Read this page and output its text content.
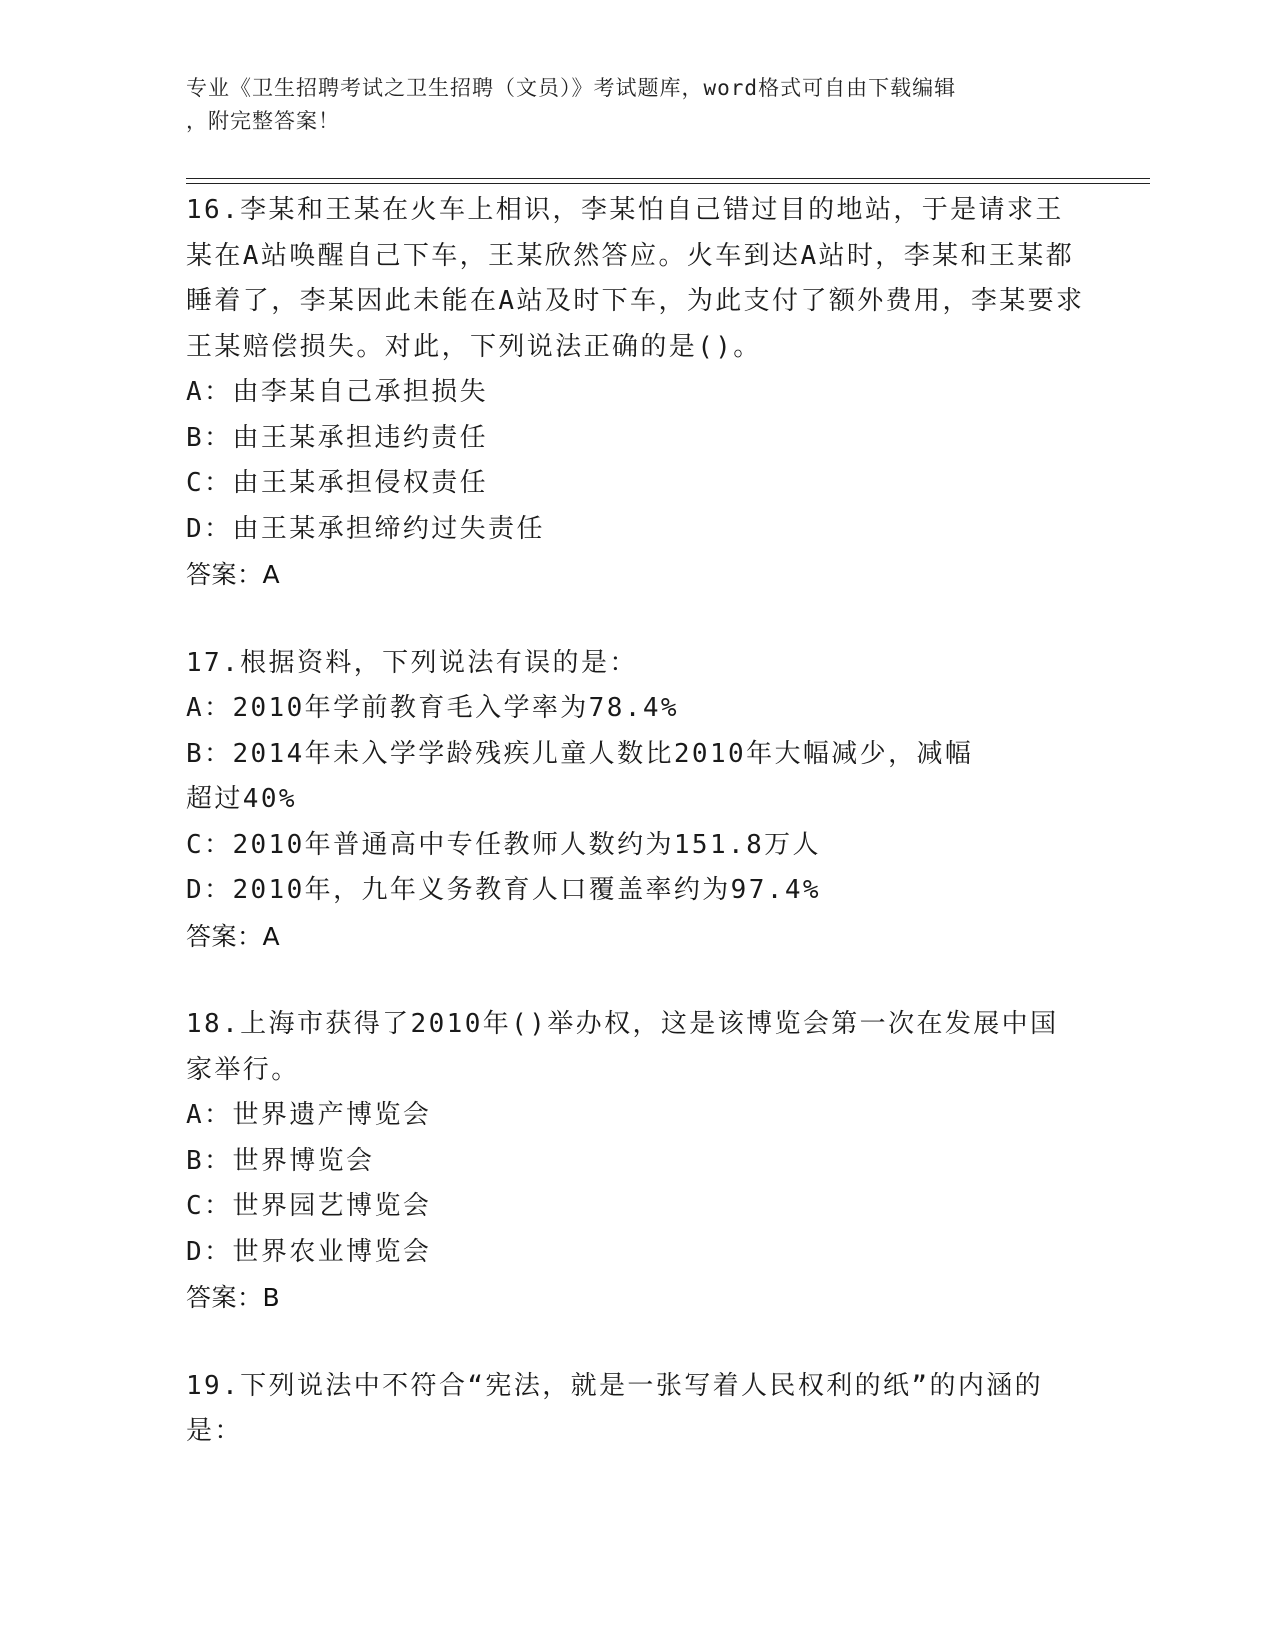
专业《卫生招聘考试之卫生招聘（文员）》考试题库，word格式可自由下载编辑
，附完整答案！

16.李某和王某在火车上相识，李某怕自己错过目的地站，于是请求王某在A站唤醒自己下车，王某欣然答应。火车到达A站时，李某和王某都睡着了，李某因此未能在A站及时下车，为此支付了额外费用，李某要求王某赔偿损失。对此，下列说法正确的是()。

A：由李某自己承担损失

B：由王某承担违约责任

C：由王某承担侵权责任

D：由王某承担缔约过失责任

答案：A

17.根据资料，下列说法有误的是：

A：2010年学前教育毛入学率为78.4%

B：2014年未入学学龄残疾儿童人数比2010年大幅减少，减幅超过40%

C：2010年普通高中专任教师人数约为151.8万人

D：2010年，九年义务教育人口覆盖率约为97.4%

答案：A

18.上海市获得了2010年()举办权，这是该博览会第一次在发展中国家举行。

A：世界遗产博览会

B：世界博览会

C：世界园艺博览会

D：世界农业博览会

答案：B

19.下列说法中不符合“宪法，就是一张写着人民权利的纸”的内涵的是：
